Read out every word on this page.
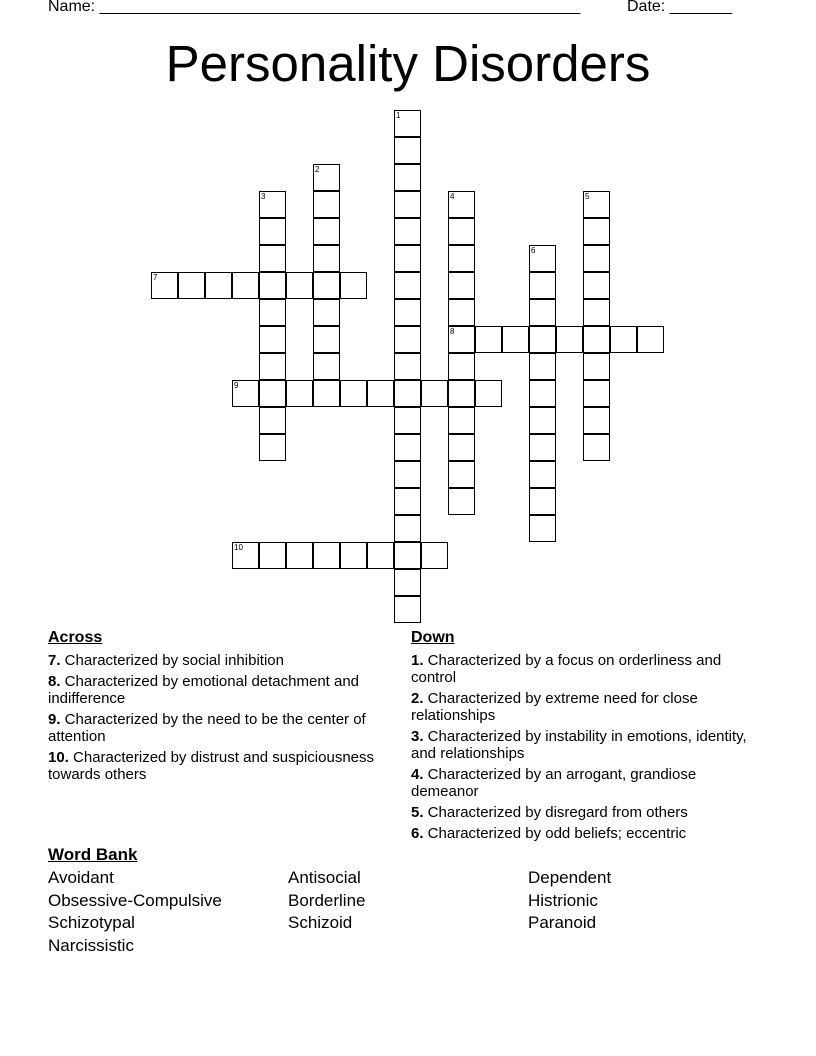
Name: ______________________________________________________	Date: _______
Personality Disorders
1
2
3	4
8
5
6
7
9
10
Across
7. Characterized by social inhibition
8. Characterized by emotional detachment and indifference
9. Characterized by the need to be the center of attention
10. Characterized by distrust and suspiciousness towards others
Down
1. Characterized by a focus on orderliness and control
2. Characterized by extreme need for close relationships
3. Characterized by instability in emotions, identity, and relationships
4. Characterized by an arrogant, grandiose demeanor
5. Characterized by disregard from others
6. Characterized by odd beliefs; eccentric
Word Bank
Avoidant	Antisocial	Dependent
Obsessive-Compulsive	Borderline	Histrionic
Schizotypal	Schizoid	Paranoid
Narcissistic
